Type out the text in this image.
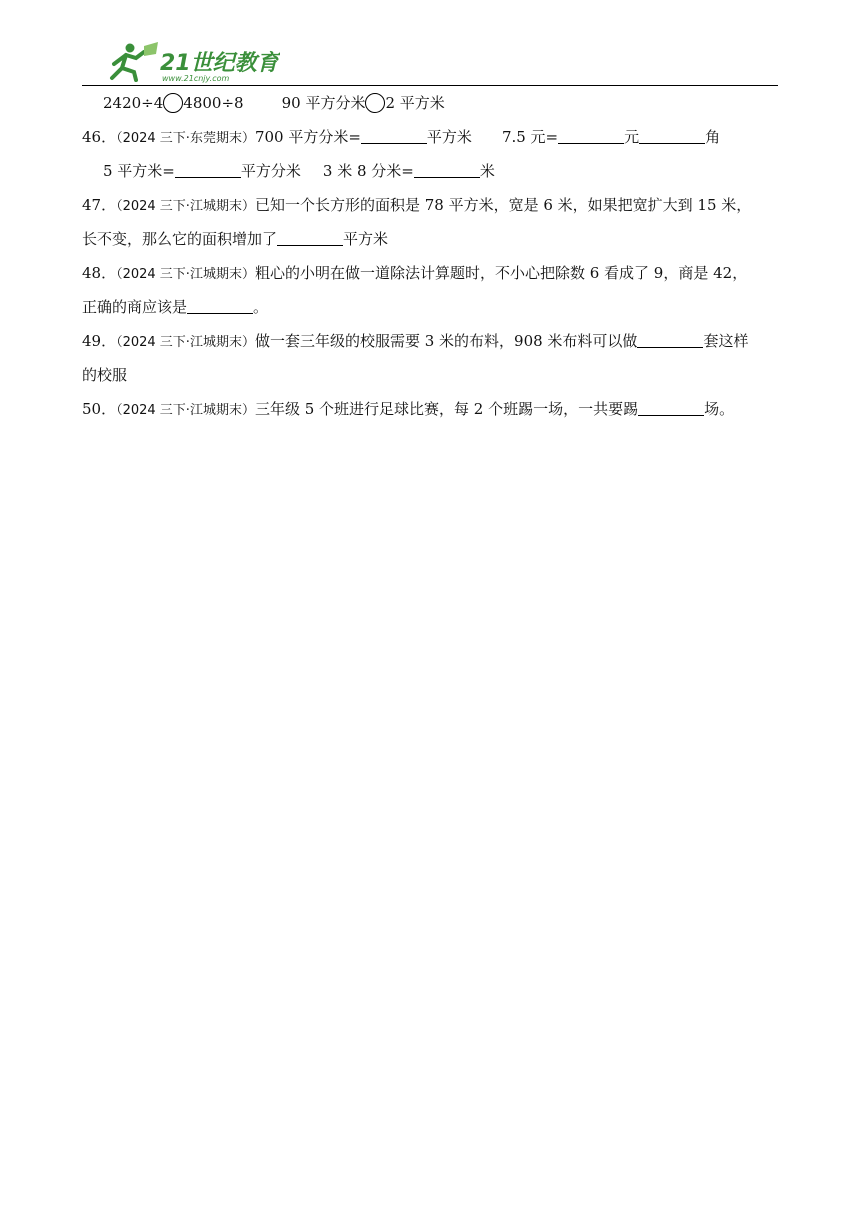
21世纪教育
www.21cnjy.com
2420÷4 4800÷8	90 平方分米 2 平方米
46．（2024 三下·东莞期末）700 平方分米=	平方米 7.5 元=	元	角
5 平方米=	平方分米 3 米 8 分米=	米
47．（2024 三下·江城期末）已知一个长方形的面积是 78 平方米，宽是 6 米，如果把宽扩大到 15 米，
长不变，那么它的面积增加了	平方米
48．（2024 三下·江城期末）粗心的小明在做一道除法计算题时，不小心把除数 6 看成了 9，商是 42，
正确的商应该是	。
49．（2024 三下·江城期末）做一套三年级的校服需要 3 米的布料，908 米布料可以做	套这样
的校服
50．（2024 三下·江城期末）三年级 5 个班进行足球比赛，每 2 个班踢一场，一共要踢	场。
